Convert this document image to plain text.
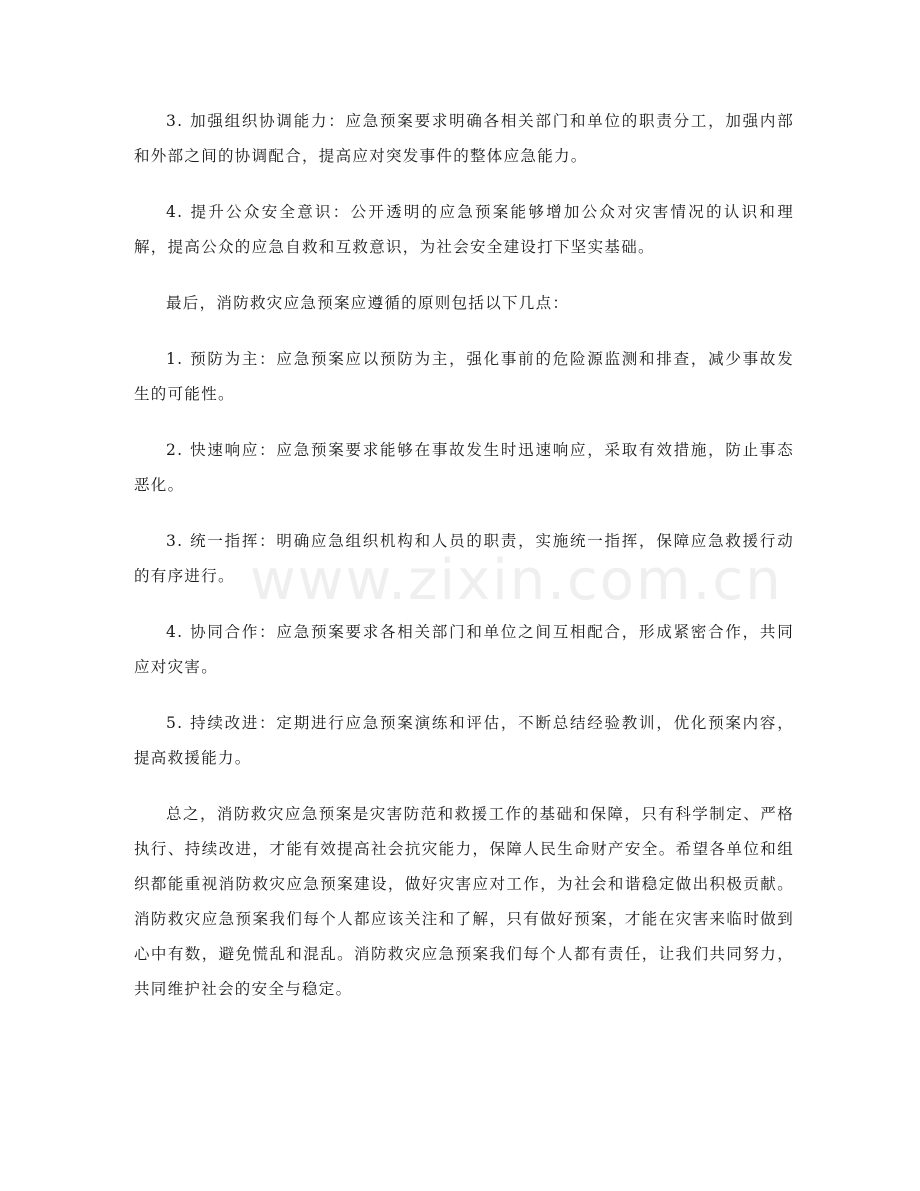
3. 加强组织协调能力：应急预案要求明确各相关部门和单位的职责分工，加强内部和外部之间的协调配合，提高应对突发事件的整体应急能力。

4. 提升公众安全意识：公开透明的应急预案能够增加公众对灾害情况的认识和理解，提高公众的应急自救和互救意识，为社会安全建设打下坚实基础。

最后，消防救灾应急预案应遵循的原则包括以下几点：

1. 预防为主：应急预案应以预防为主，强化事前的危险源监测和排查，减少事故发生的可能性。

2. 快速响应：应急预案要求能够在事故发生时迅速响应，采取有效措施，防止事态恶化。

3. 统一指挥：明确应急组织机构和人员的职责，实施统一指挥，保障应急救援行动的有序进行。

4. 协同合作：应急预案要求各相关部门和单位之间互相配合，形成紧密合作，共同应对灾害。

5. 持续改进：定期进行应急预案演练和评估，不断总结经验教训，优化预案内容，提高救援能力。

总之，消防救灾应急预案是灾害防范和救援工作的基础和保障，只有科学制定、严格执行、持续改进，才能有效提高社会抗灾能力，保障人民生命财产安全。希望各单位和组织都能重视消防救灾应急预案建设，做好灾害应对工作，为社会和谐稳定做出积极贡献。消防救灾应急预案我们每个人都应该关注和了解，只有做好预案，才能在灾害来临时做到心中有数，避免慌乱和混乱。消防救灾应急预案我们每个人都有责任，让我们共同努力，共同维护社会的安全与稳定。

www.zixin.com.cn
